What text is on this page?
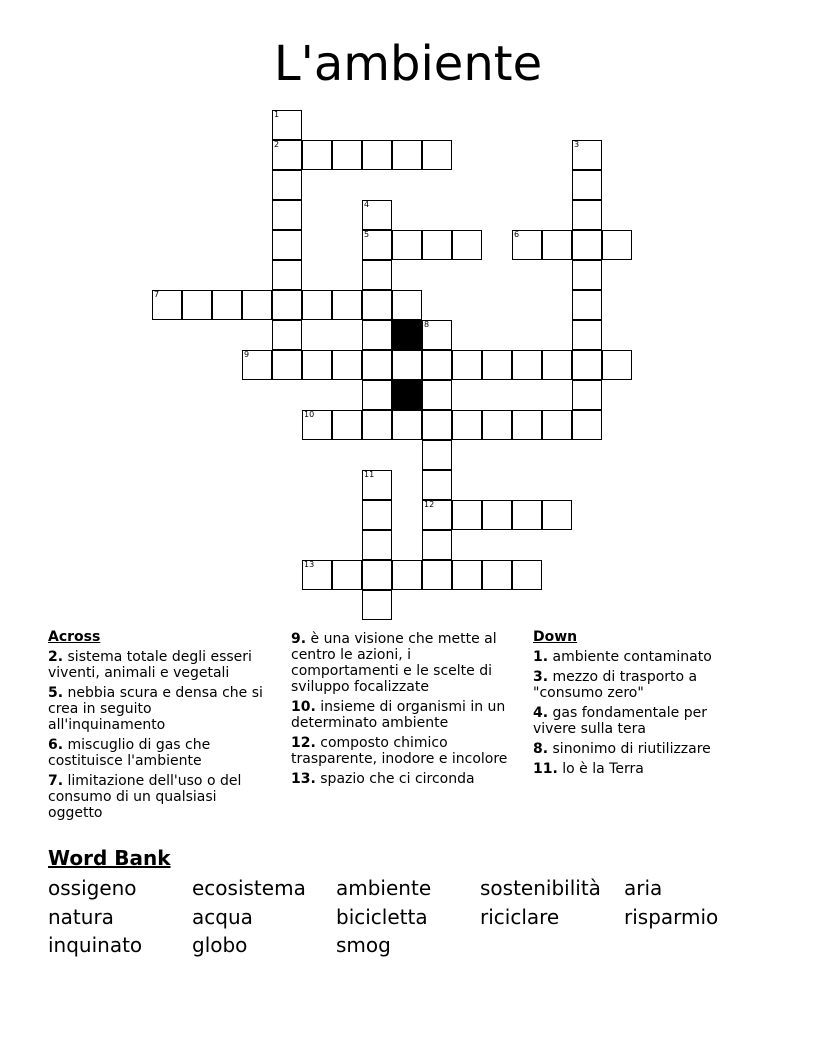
L'ambiente
1
2	3
4
5	6
7
8
12
9
10
11
13
Across
2. sistema totale degli esseri viventi, animali e vegetali
5. nebbia scura e densa che si crea in seguito all'inquinamento
6. miscuglio di gas che costituisce l'ambiente
7. limitazione dell'uso o del consumo di un qualsiasi oggetto
9. è una visione che mette al centro le azioni, i comportamenti e le scelte di sviluppo focalizzate
10. insieme di organismi in un determinato ambiente
12. composto chimico trasparente, inodore e incolore
13. spazio che ci circonda
Down
1. ambiente contaminato
3. mezzo di trasporto a "consumo zero"
4. gas fondamentale per vivere sulla tera
8. sinonimo di riutilizzare
11. lo è la Terra
Word Bank
ossigeno	ecosistema	ambiente	sostenibilità	aria
natura	acqua	bicicletta	riciclare	risparmio
inquinato	globo	smog
